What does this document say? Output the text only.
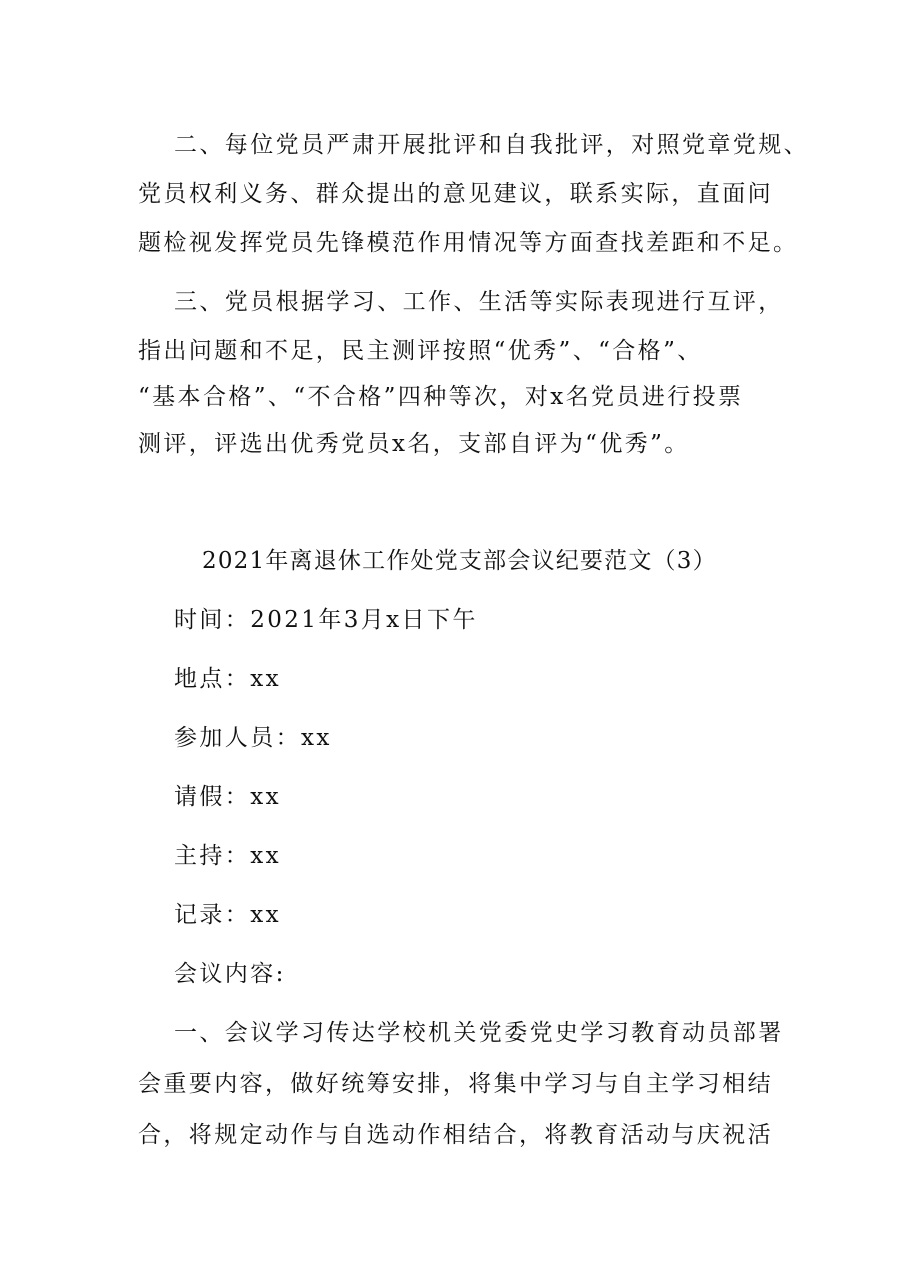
二、每位党员严肃开展批评和自我批评，对照党章党规、
党员权利义务、群众提出的意见建议，联系实际，直面问
题检视发挥党员先锋模范作用情况等方面查找差距和不足。
三、党员根据学习、工作、生活等实际表现进行互评，
指出问题和不足，民主测评按照“优秀”、“合格”、
“基本合格”、“不合格”四种等次，对x名党员进行投票
测评，评选出优秀党员x名，支部自评为“优秀”。
2021年离退休工作处党支部会议纪要范文（3）
时间：2021年3月x日下午
地点：xx
参加人员：xx
请假：xx
主持：xx
记录：xx
会议内容:
一、会议学习传达学校机关党委党史学习教育动员部署
会重要内容，做好统筹安排，将集中学习与自主学习相结
合，将规定动作与自选动作相结合，将教育活动与庆祝活
